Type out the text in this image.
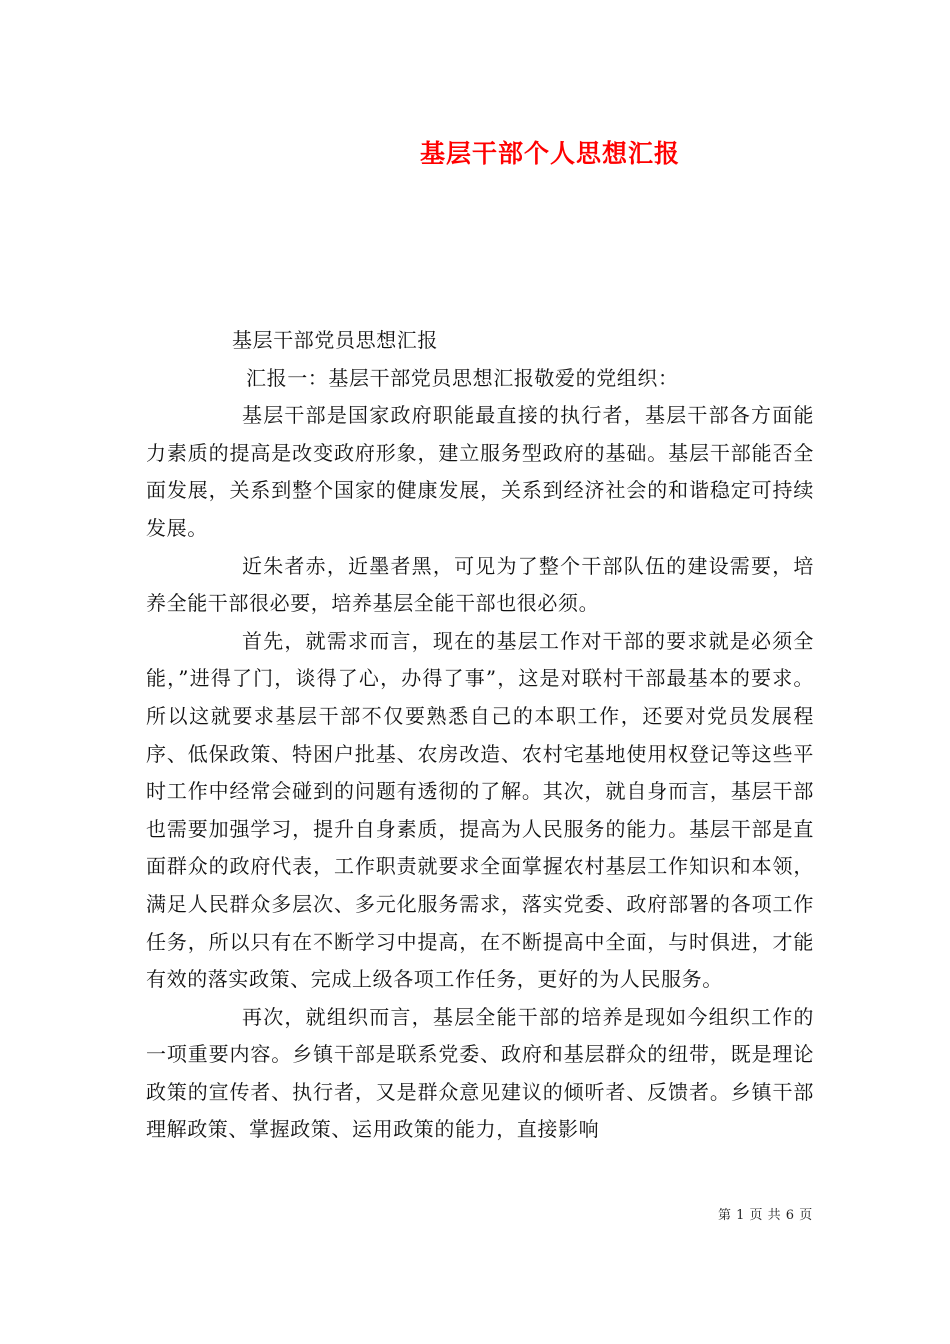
基层干部个人思想汇报

基层干部党员思想汇报

汇报一：基层干部党员思想汇报敬爱的党组织：

基层干部是国家政府职能最直接的执行者，基层干部各方面能力素质的提高是改变政府形象，建立服务型政府的基础。基层干部能否全面发展，关系到整个国家的健康发展，关系到经济社会的和谐稳定可持续发展。

近朱者赤，近墨者黑，可见为了整个干部队伍的建设需要，培养全能干部很必要，培养基层全能干部也很必须。

首先，就需求而言，现在的基层工作对干部的要求就是必须全能，”进得了门，谈得了心，办得了事”，这是对联村干部最基本的要求。所以这就要求基层干部不仅要熟悉自己的本职工作，还要对党员发展程序、低保政策、特困户批基、农房改造、农村宅基地使用权登记等这些平时工作中经常会碰到的问题有透彻的了解。其次，就自身而言，基层干部也需要加强学习，提升自身素质，提高为人民服务的能力。基层干部是直面群众的政府代表，工作职责就要求全面掌握农村基层工作知识和本领，满足人民群众多层次、多元化服务需求，落实党委、政府部署的各项工作任务，所以只有在不断学习中提高，在不断提高中全面，与时俱进，才能有效的落实政策、完成上级各项工作任务，更好的为人民服务。

再次，就组织而言，基层全能干部的培养是现如今组织工作的一项重要内容。乡镇干部是联系党委、政府和基层群众的纽带，既是理论政策的宣传者、执行者，又是群众意见建议的倾听者、反馈者。乡镇干部理解政策、掌握政策、运用政策的能力，直接影响

第 1 页 共 6 页
